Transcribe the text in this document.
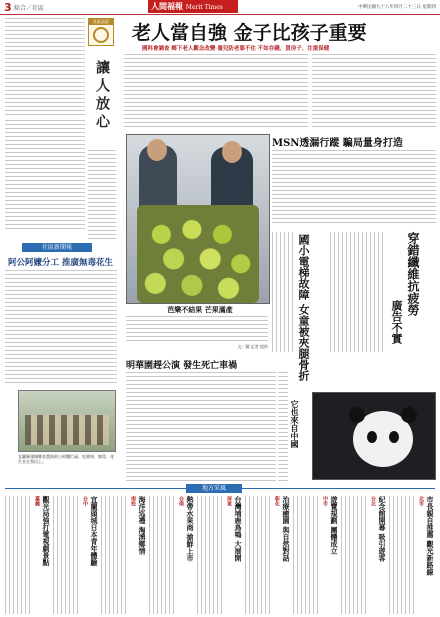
3 綜合／社區	人間福報 Merit Times	中華民國九十八年四月二十三日 星期四
社區訴語
讓人放心
社區新聞報
阿公阿嬤分工 推廣無毒花生
宜蘭縣頭城鄉老農與阿公阿嬤忙碌，吃健康、無毒、花生長在我田上。
老人當自強 金子比孩子重要
國科會調查 鄉下老人觀念改變 養兒防老靠不住 不如存錢、買房子、注重保健
MSN透漏行蹤 騙局量身打造
芭樂不結果 芒果滿產
文／圖 記者 提供	國小電梯故障 女童被夾腿骨折	穿錯纖維抗疲勞
廣告不實
明華園趕公演 發生死亡車禍
它也來自中國
地方采風
觀光局強打電視劇景點
嘉義	宜蘭頭城日本青年體驗
台中	海洋巡禮 淘湧鄉情
南投	熱帶水果商 搶鮮上市
台南	台灣埔鹿鳥鳴 大展開
屏東	治療癒園 與自然對話
彰化	遊覽規劃 團體成立
中市	紀念館開幕 吸引遊客
台北	市長親自推薦 觀光新路線
北市
